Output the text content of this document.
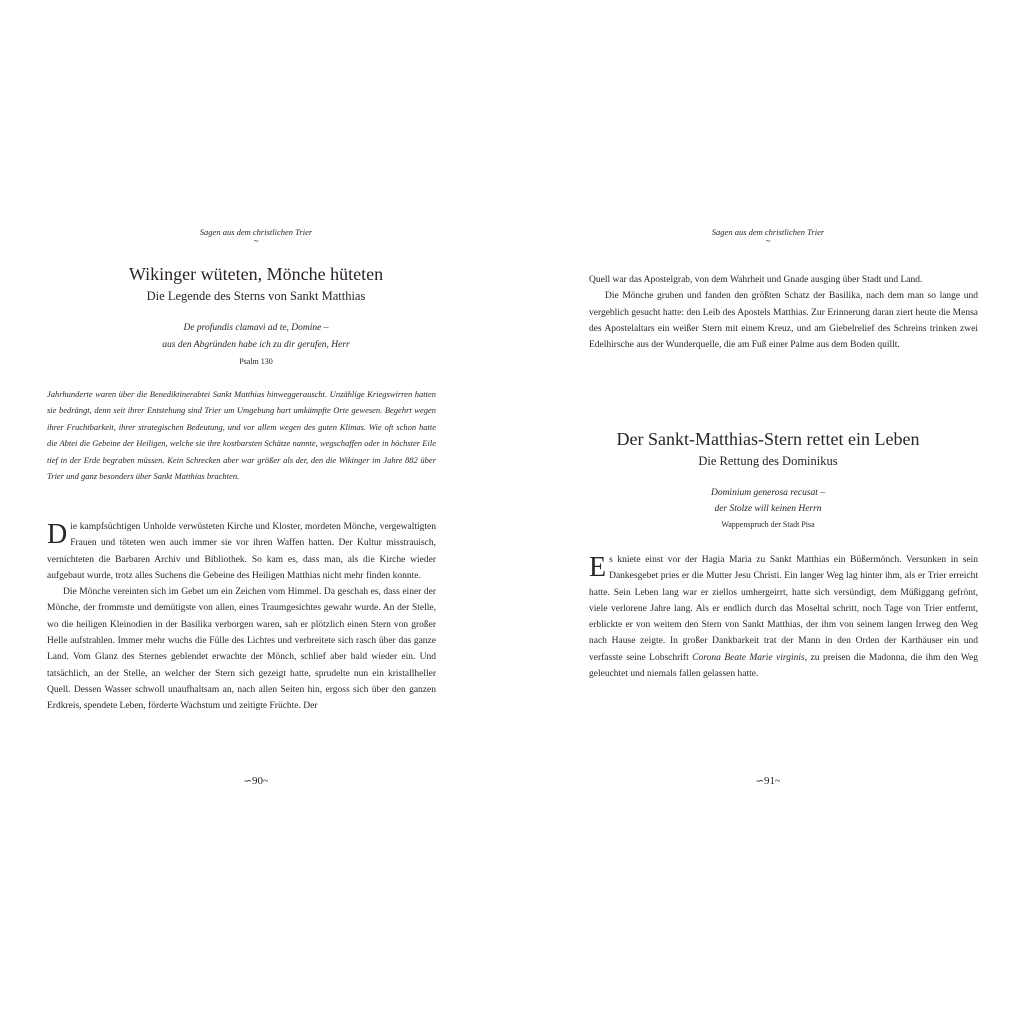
Sagen aus dem christlichen Trier
~
Wikinger wüteten, Mönche hüteten
Die Legende des Sterns von Sankt Matthias
De profundis clamavi ad te, Domine –
aus den Abgründen habe ich zu dir gerufen, Herr
Psalm 130
Jahrhunderte waren über die Benediktinerabtei Sankt Matthias hinweggerauscht. Unzählige Kriegswirren hatten sie bedrängt, denn seit ihrer Entstehung sind Trier um Umgebung hart umkämpfte Orte gewesen. Begehrt wegen ihrer Fruchtbarkeit, ihrer strategischen Bedeutung, und vor allem wegen des guten Klimas. Wie oft schon hatte die Abtei die Gebeine der Heiligen, welche sie ihre kostbarsten Schätze nannte, wegschaffen oder in höchster Eile tief in der Erde begraben müssen. Kein Schrecken aber war größer als der, den die Wikinger im Jahre 882 über Trier und ganz besonders über Sankt Matthias brachten.

Die kampfsüchtigen Unholde verwüsteten Kirche und Kloster, mordeten Mönche, vergewaltigten Frauen und töteten wen auch immer sie vor ihren Waffen hatten. Der Kultur misstrauisch, vernichteten die Barbaren Archiv und Bibliothek. So kam es, dass man, als die Kirche wieder aufgebaut wurde, trotz alles Suchens die Gebeine des Heiligen Matthias nicht mehr finden konnte.

Die Mönche vereinten sich im Gebet um ein Zeichen vom Himmel. Da geschah es, dass einer der Mönche, der frommste und demütigste von allen, eines Traumgesichtes gewahr wurde. An der Stelle, wo die heiligen Kleinodien in der Basilika verborgen waren, sah er plötzlich einen Stern von großer Helle aufstrahlen. Immer mehr wuchs die Fülle des Lichtes und verbreitete sich rasch über das ganze Land. Vom Glanz des Sternes geblendet erwachte der Mönch, schlief aber bald wieder ein. Und tatsächlich, an der Stelle, an welcher der Stern sich gezeigt hatte, sprudelte nun ein kristallheller Quell. Dessen Wasser schwoll unaufhaltsam an, nach allen Seiten hin, ergoss sich über den ganzen Erdkreis, spendete Leben, förderte Wachstum und zeitigte Früchte. Der

∽90~
Sagen aus dem christlichen Trier
~

Quell war das Apostelgrab, von dem Wahrheit und Gnade ausging über Stadt und Land.

Die Mönche gruben und fanden den größten Schatz der Basilika, nach dem man so lange und vergeblich gesucht hatte: den Leib des Apostels Matthias. Zur Erinnerung daran ziert heute die Mensa des Apostelaltars ein weißer Stern mit einem Kreuz, und am Giebelrelief des Schreins trinken zwei Edelhirsche aus der Wunderquelle, die am Fuß einer Palme aus dem Boden quillt.

Der Sankt-Matthias-Stern rettet ein Leben
Die Rettung des Dominikus
Dominium generosa recusat –
der Stolze will keinen Herrn
Wappenspruch der Stadt Pisa

Es kniete einst vor der Hagia Maria zu Sankt Matthias ein Büßermönch. Versunken in sein Dankesgebet pries er die Mutter Jesu Christi. Ein langer Weg lag hinter ihm, als er Trier erreicht hatte. Sein Leben lang war er ziellos umhergeirrt, hatte sich versündigt, dem Müßiggang gefrönt, viele verlorene Jahre lang. Als er endlich durch das Moseltal schritt, noch Tage von Trier entfernt, erblickte er von weitem den Stern von Sankt Matthias, der ihm von seinem langen Irrweg den Weg nach Hause zeigte. In großer Dankbarkeit trat der Mann in den Orden der Karthäuser ein und verfasste seine Lobschrift Corona Beate Marie virginis, zu preisen die Madonna, die ihm den Weg geleuchtet und niemals fallen gelassen hatte.

∽91~
